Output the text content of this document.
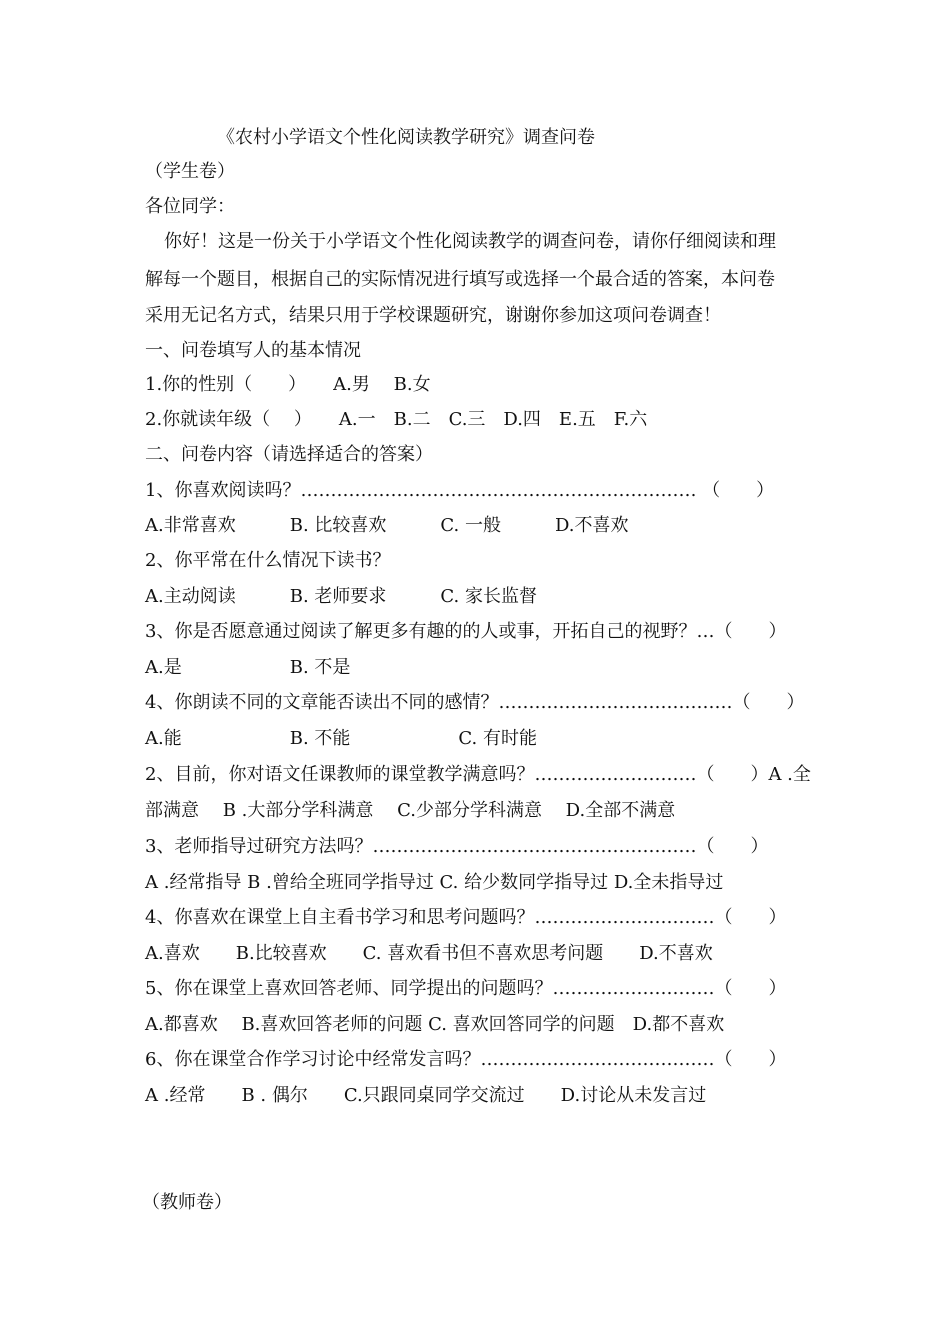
《农村小学语文个性化阅读教学研究》调查问卷
（学生卷）
各位同学：
你好！这是一份关于小学语文个性化阅读教学的调查问卷，请你仔细阅读和理
解每一个题目，根据自己的实际情况进行填写或选择一个最合适的答案，本问卷
采用无记名方式，结果只用于学校课题研究，谢谢你参加这项问卷调查！
一、问卷填写人的基本情况
1.你的性别（　　）　　A.男　 B.女
2.你就读年级（　 ）　　A.一　B.二　C.三　D.四　E.五　F.六
二、问卷内容（请选择适合的答案）
1、你喜欢阅读吗？………………………………………………………… （　　）
A.非常喜欢　　　B. 比较喜欢　　　C. 一般　　　D.不喜欢
2、你平常在什么情况下读书？
A.主动阅读　　　B. 老师要求　　　C. 家长监督
3、你是否愿意通过阅读了解更多有趣的的人或事，开拓自己的视野？…（　　）
A.是　　　　　　B. 不是
4、你朗读不同的文章能否读出不同的感情？…………………………………（　　）
A.能　　　　　　B. 不能　　　　　　C. 有时能
2、目前，你对语文任课教师的课堂教学满意吗？………………………（　　）A .全
部满意　 B .大部分学科满意　 C.少部分学科满意　 D.全部不满意
3、老师指导过研究方法吗？………………………………………………（　　）
A .经常指导 B .曾给全班同学指导过 C. 给少数同学指导过 D.全未指导过
4、你喜欢在课堂上自主看书学习和思考问题吗？…………………………（　　）
A.喜欢　　B.比较喜欢　　C. 喜欢看书但不喜欢思考问题　　D.不喜欢
5、你在课堂上喜欢回答老师、同学提出的问题吗？………………………（　　）
A.都喜欢　 B.喜欢回答老师的问题 C. 喜欢回答同学的问题　D.都不喜欢
6、你在课堂合作学习讨论中经常发言吗？…………………………………（　　）
A .经常　　B . 偶尔　　C.只跟同桌同学交流过　　D.讨论从未发言过
（教师卷）
